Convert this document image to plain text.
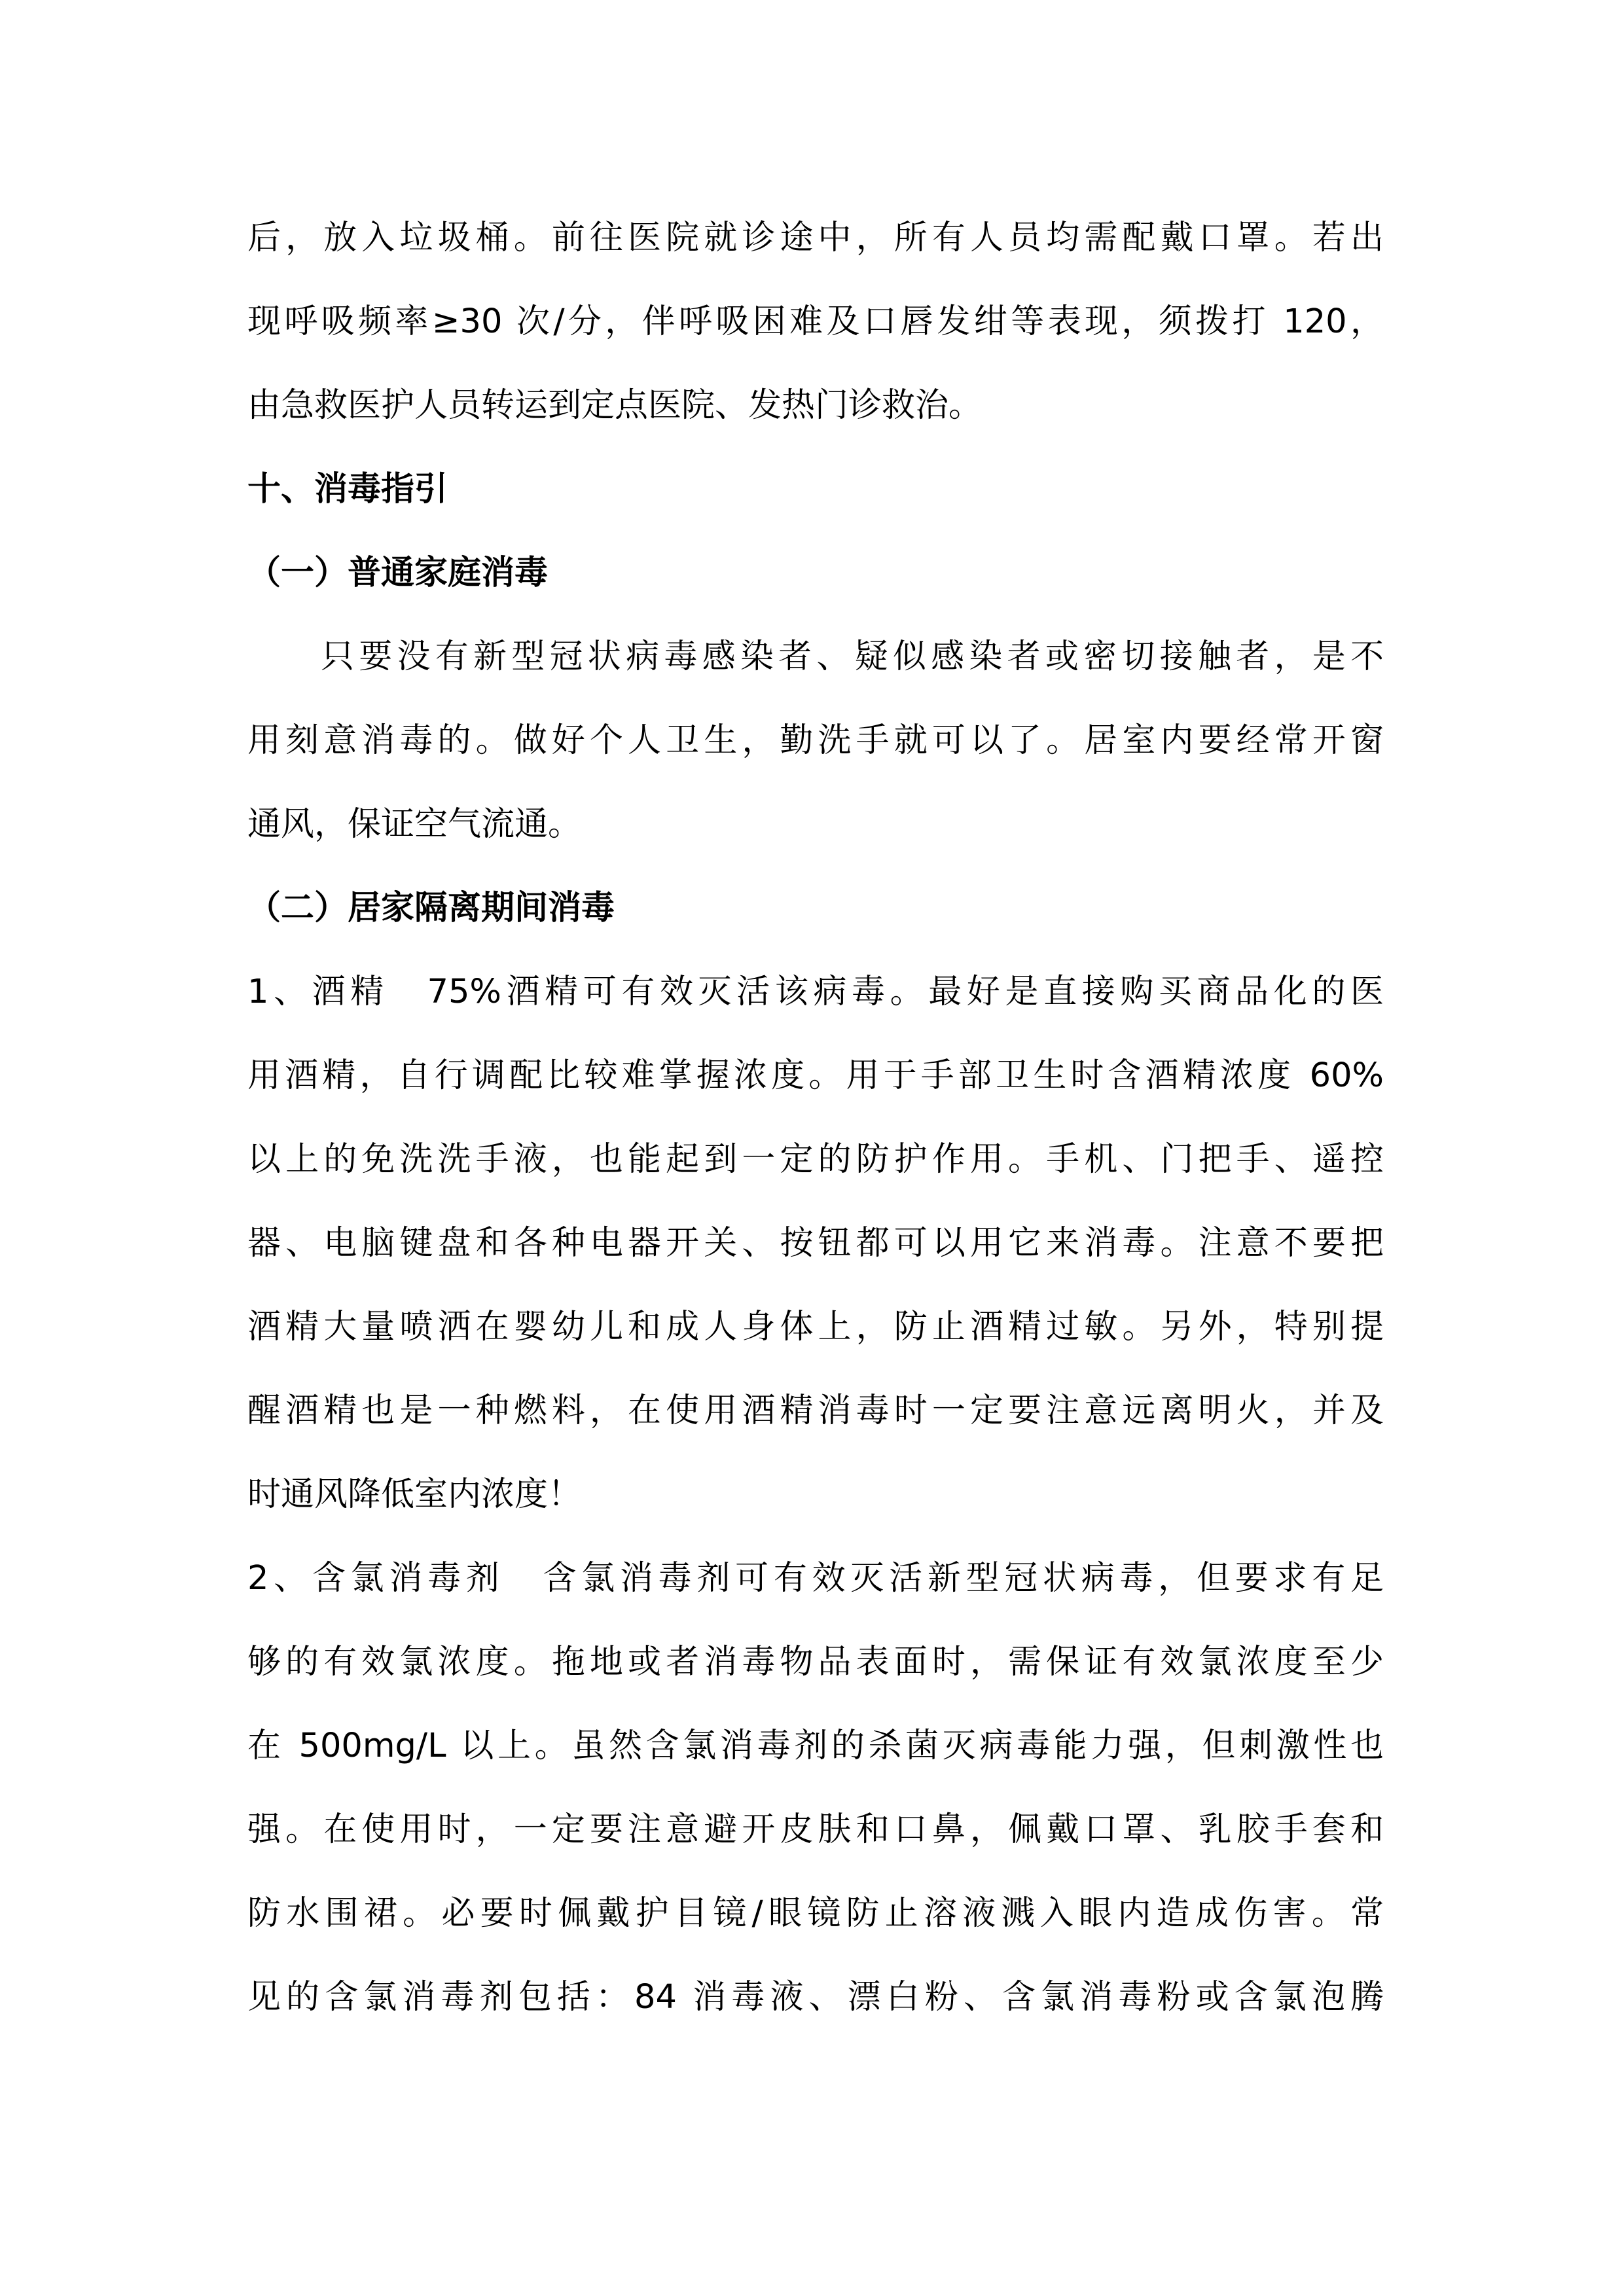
后，放入垃圾桶。前往医院就诊途中，所有人员均需配戴口罩。若出
现呼吸频率≥30 次/分，伴呼吸困难及口唇发绀等表现，须拨打 120，
由急救医护人员转运到定点医院、发热门诊救治。
十、消毒指引
（一）普通家庭消毒
只要没有新型冠状病毒感染者、疑似感染者或密切接触者，是不
用刻意消毒的。做好个人卫生，勤洗手就可以了。居室内要经常开窗
通风，保证空气流通。
（二）居家隔离期间消毒
1、酒精　75%酒精可有效灭活该病毒。最好是直接购买商品化的医
用酒精，自行调配比较难掌握浓度。用于手部卫生时含酒精浓度 60%
以上的免洗洗手液，也能起到一定的防护作用。手机、门把手、遥控
器、电脑键盘和各种电器开关、按钮都可以用它来消毒。注意不要把
酒精大量喷洒在婴幼儿和成人身体上，防止酒精过敏。另外，特别提
醒酒精也是一种燃料，在使用酒精消毒时一定要注意远离明火，并及
时通风降低室内浓度！
2、含氯消毒剂　含氯消毒剂可有效灭活新型冠状病毒，但要求有足
够的有效氯浓度。拖地或者消毒物品表面时，需保证有效氯浓度至少
在 500mg/L 以上。虽然含氯消毒剂的杀菌灭病毒能力强，但刺激性也
强。在使用时，一定要注意避开皮肤和口鼻，佩戴口罩、乳胶手套和
防水围裙。必要时佩戴护目镜/眼镜防止溶液溅入眼内造成伤害。常
见的含氯消毒剂包括：84 消毒液、漂白粉、含氯消毒粉或含氯泡腾
